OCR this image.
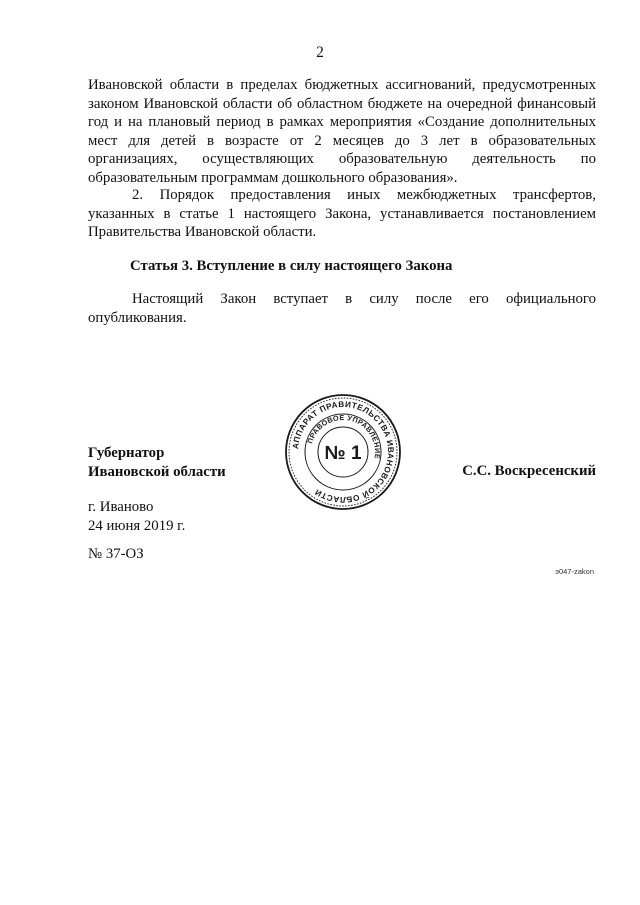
2

Ивановской области в пределах бюджетных ассигнований, предусмотренных законом Ивановской области об областном бюджете на очередной финансовый год и на плановый период в рамках мероприятия «Создание дополнительных мест для детей в возрасте от 2 месяцев до 3 лет в образовательных организациях, осуществляющих образовательную деятельность по образовательным программам дошкольного образования».

2. Порядок предоставления иных межбюджетных трансфертов, указанных в статье 1 настоящего Закона, устанавливается постановлением Правительства Ивановской области.

Статья 3. Вступление в силу настоящего Закона

Настоящий Закон вступает в силу после его официального опубликования.

Губернатор
Ивановской области
АППАРАТ ПРАВИТЕЛЬСТВА ИВАНОВСКОЙ ОБЛАСТИ
ПРАВОВОЕ УПРАВЛЕНИЕ
№ 1
С.С. Воскресенский
г. Иваново
24 июня 2019 г.
№ 37-ОЗ
э047-zakon
